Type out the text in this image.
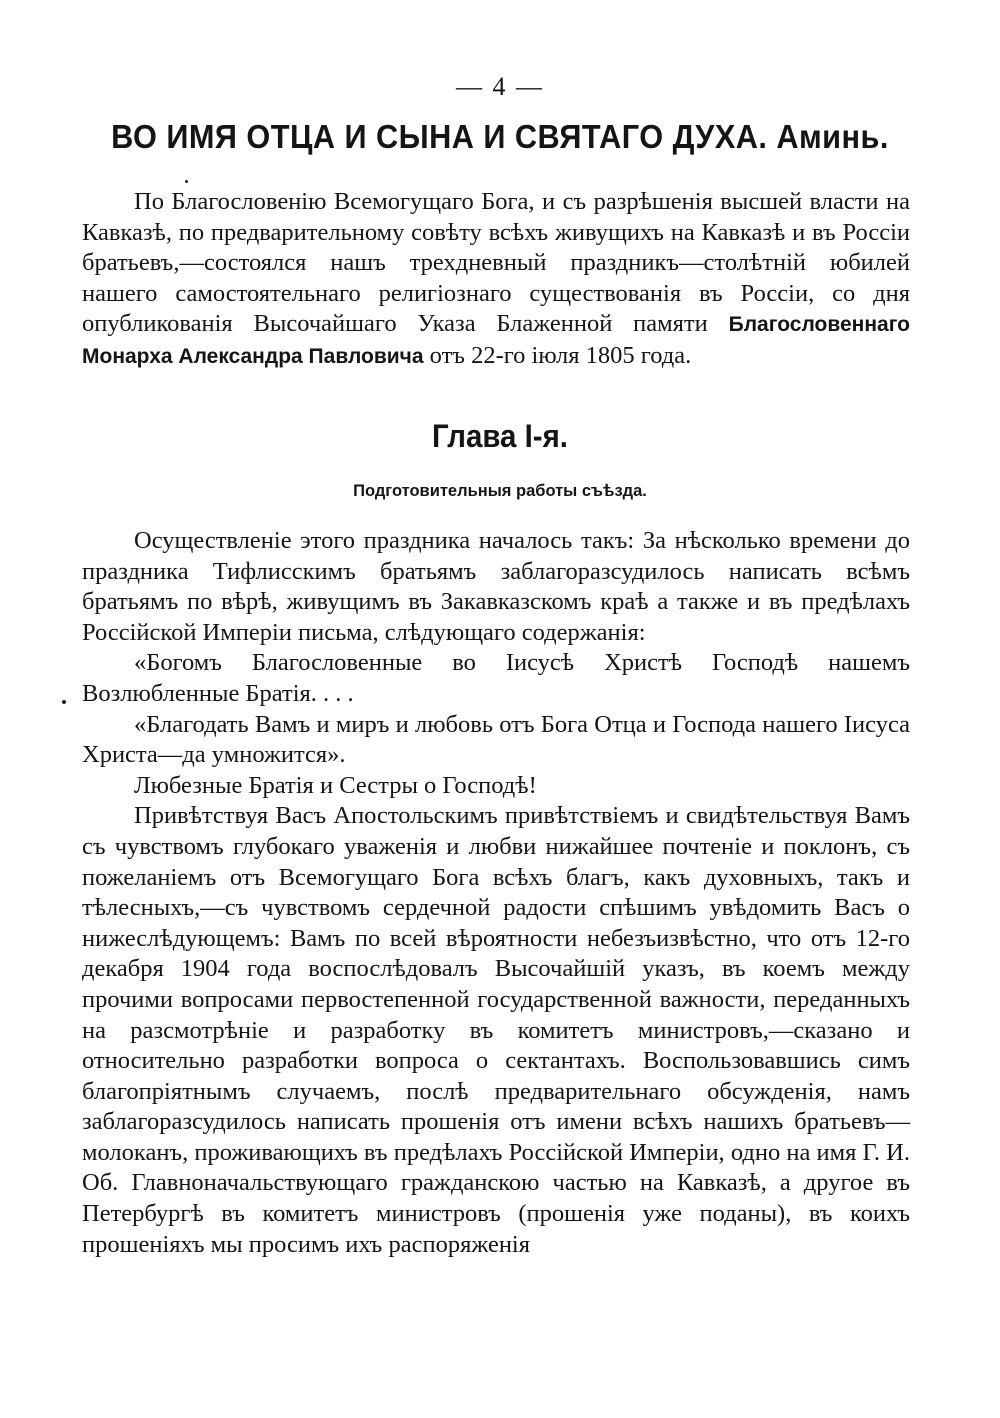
— 4 —
ВО ИМЯ ОТЦА И СЫНА И СВЯТАГО ДУХА. Аминь.

По Благословенію Всемогущаго Бога, и съ разрѣшенія высшей власти на Кавказѣ, по предварительному совѣту всѣхъ живущихъ на Кавказѣ и въ Россіи братьевъ,—состоялся нашъ трехдневный праздникъ—столѣтній юбилей нашего самостоятельнаго религіознаго существованія въ Россіи, со дня опубликованія Высочайшаго Указа Блаженной памяти Благословеннаго Монарха Александра Павловича отъ 22-го іюля 1805 года.

Глава I-я.
Подготовительныя работы съѣзда.

Осуществленіе этого праздника началось такъ: За нѣсколько времени до праздника Тифлисскимъ братьямъ заблагоразсудилось написать всѣмъ братьямъ по вѣрѣ, живущимъ въ Закавказскомъ краѣ а также и въ предѣлахъ Россійской Имперіи письма, слѣдующаго содержанія:

«Богомъ Благословенные во Іисусѣ Христѣ Господѣ нашемъ Возлюбленные Братія. . . .

«Благодать Вамъ и миръ и любовь отъ Бога Отца и Господа нашего Іисуса Христа—да умножится».

Любезные Братія и Сестры о Господѣ!

Привѣтствуя Васъ Апостольскимъ привѣтствіемъ и свидѣтельствуя Вамъ съ чувствомъ глубокаго уваженія и любви нижайшее почтеніе и поклонъ, съ пожеланіемъ отъ Всемогущаго Бога всѣхъ благъ, какъ духовныхъ, такъ и тѣлесныхъ,—съ чувствомъ сердечной радости спѣшимъ увѣдомить Васъ о нижеслѣдующемъ: Вамъ по всей вѣроятности небезъизвѣстно, что отъ 12-го декабря 1904 года воспослѣдовалъ Высочайшій указъ, въ коемъ между прочими вопросами первостепенной государственной важности, переданныхъ на разсмотрѣніе и разработку въ комитетъ министровъ,—сказано и относительно разработки вопроса о сектантахъ. Воспользовавшись симъ благопріятнымъ случаемъ, послѣ предварительнаго обсужденія, намъ заблагоразсудилось написать прошенія отъ имени всѣхъ нашихъ братьевъ—молоканъ, проживающихъ въ предѣлахъ Россійской Имперіи, одно на имя Г. И. Об. Главноначальствующаго гражданскою частью на Кавказѣ, а другое въ Петербургѣ въ комитетъ министровъ (прошенія уже поданы), въ коихъ прошеніяхъ мы просимъ ихъ распоряженія
